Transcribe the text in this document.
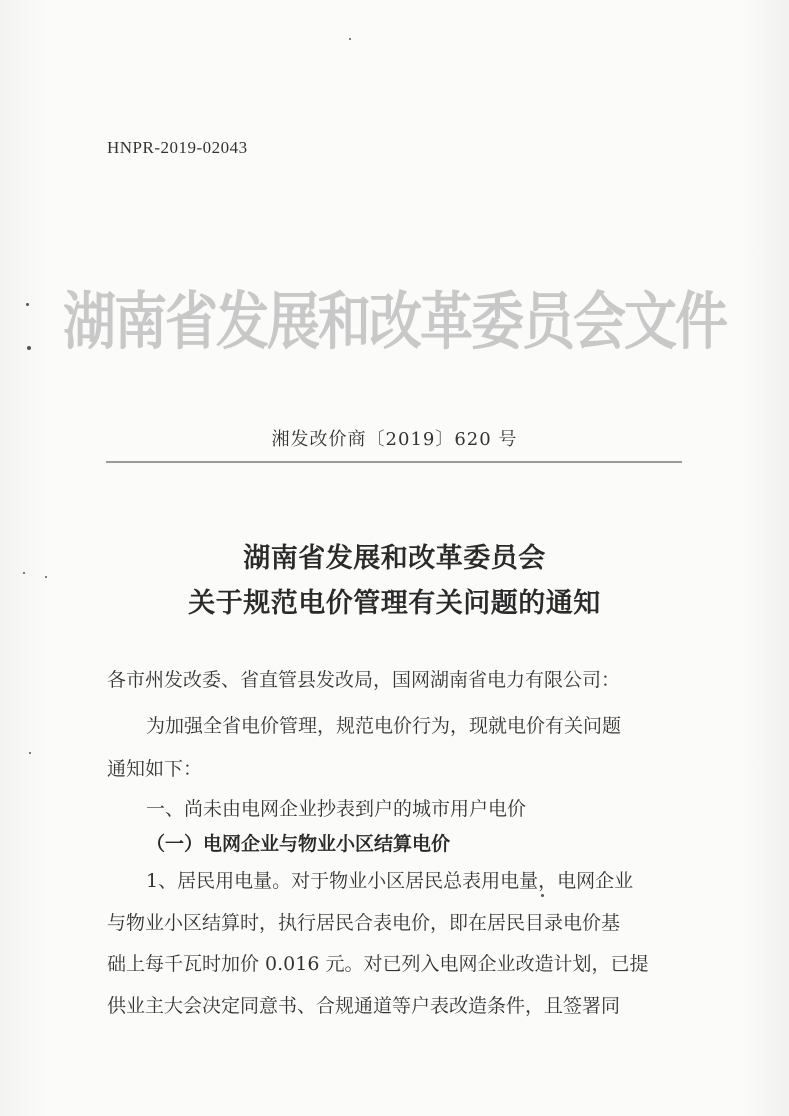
HNPR-2019-02043
湖南省发展和改革委员会文件
湘发改价商〔2019〕620 号
湖南省发展和改革委员会
关于规范电价管理有关问题的通知
各市州发改委、省直管县发改局，国网湖南省电力有限公司：
为加强全省电价管理，规范电价行为，现就电价有关问题
通知如下：
一、尚未由电网企业抄表到户的城市用户电价
（一）电网企业与物业小区结算电价
1、居民用电量。对于物业小区居民总表用电量，电网企业
与物业小区结算时，执行居民合表电价，即在居民目录电价基
础上每千瓦时加价 0.016 元。对已列入电网企业改造计划，已提
供业主大会决定同意书、合规通道等户表改造条件，且签署同
